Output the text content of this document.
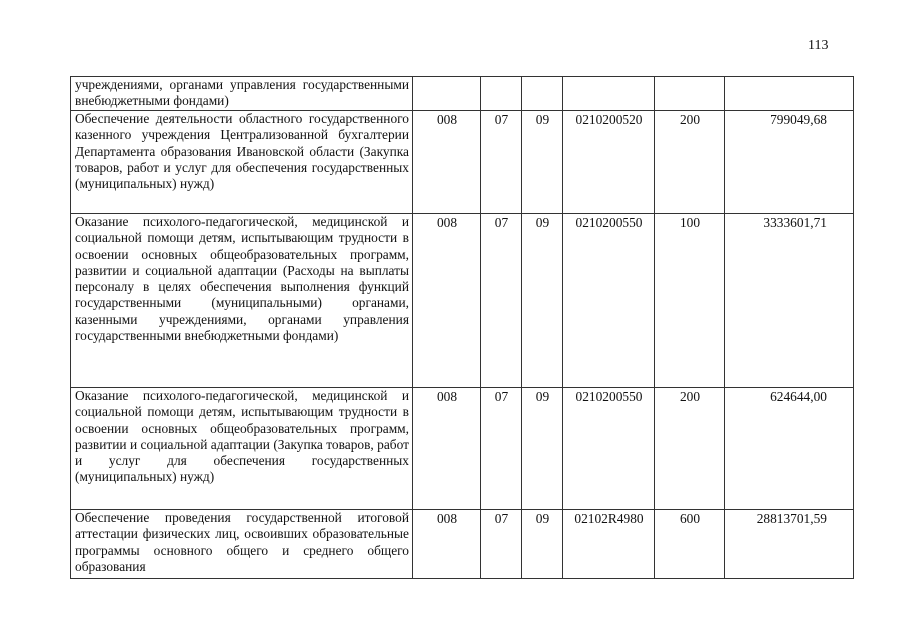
113
учреждениями, органами управления государственными внебюджетными фондами)						
Обеспечение деятельности областного государственного казенного учреждения Централизованной бухгалтерии Департамента образования Ивановской области (Закупка товаров, работ и услуг для обеспечения государственных (муниципальных) нужд)	008	07	09	0210200520	200	799049,68
Оказание психолого-педагогической, медицинской и социальной помощи детям, испытывающим трудности в освоении основных общеобразовательных программ, развитии и социальной адаптации (Расходы на выплаты персоналу в целях обеспечения выполнения функций государственными (муниципальными) органами, казенными учреждениями, органами управления государственными внебюджетными фондами)	008	07	09	0210200550	100	3333601,71
Оказание психолого-педагогической, медицинской и социальной помощи детям, испытывающим трудности в освоении основных общеобразовательных программ, развитии и социальной адаптации (Закупка товаров, работ и услуг для обеспечения государственных (муниципальных) нужд)	008	07	09	0210200550	200	624644,00
Обеспечение проведения государственной итоговой аттестации физических лиц, освоивших образовательные программы основного общего и среднего общего образования	008	07	09	02102R4980	600	28813701,59
